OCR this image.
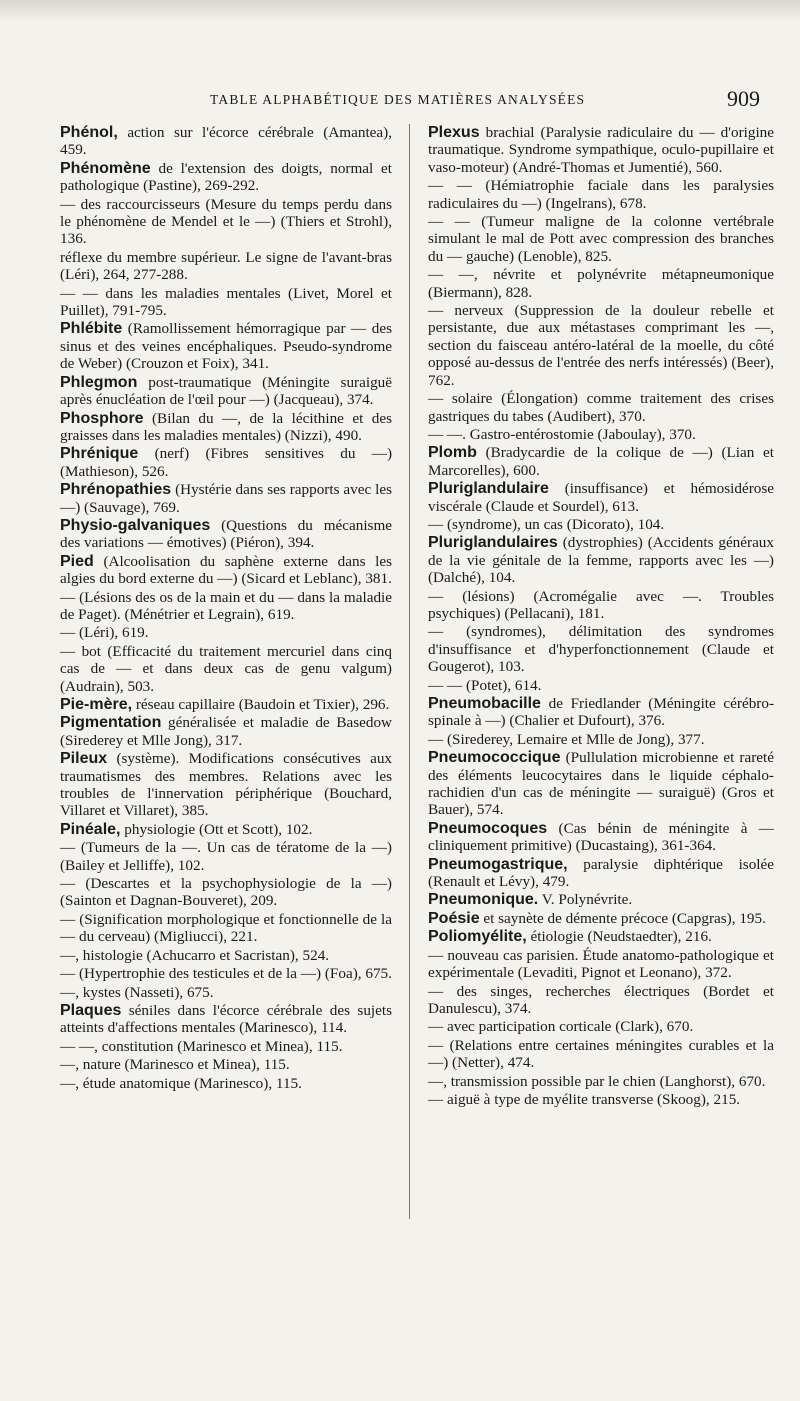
TABLE ALPHABÉTIQUE DES MATIÈRES ANALYSÉES	909

Phénol, action sur l'écorce cérébrale (Amantea), 459.

Phénomène de l'extension des doigts, normal et pathologique (Pastine), 269-292.

— des raccourcisseurs (Mesure du temps perdu dans le phénomène de Mendel et le —) (Thiers et Strohl), 136.

réflexe du membre supérieur. Le signe de l'avant-bras (Léri), 264, 277-288.

— — dans les maladies mentales (Livet, Morel et Puillet), 791-795.

Phlébite (Ramollissement hémorragique par — des sinus et des veines encéphaliques. Pseudo-syndrome de Weber) (Crouzon et Foix), 341.

Phlegmon post-traumatique (Méningite suraiguë après énucléation de l'œil pour —) (Jacqueau), 374.

Phosphore (Bilan du —, de la lécithine et des graisses dans les maladies mentales) (Nizzi), 490.

Phrénique (nerf) (Fibres sensitives du —) (Mathieson), 526.

Phrénopathies (Hystérie dans ses rapports avec les —) (Sauvage), 769.

Physio-galvaniques (Questions du mécanisme des variations — émotives) (Piéron), 394.

Pied (Alcoolisation du saphène externe dans les algies du bord externe du —) (Sicard et Leblanc), 381.

— (Lésions des os de la main et du — dans la maladie de Paget). (Ménétrier et Legrain), 619.

— (Léri), 619.

— bot (Efficacité du traitement mercuriel dans cinq cas de — et dans deux cas de genu valgum) (Audrain), 503.

Pie-mère, réseau capillaire (Baudoin et Tixier), 296.

Pigmentation généralisée et maladie de Basedow (Sirederey et Mlle Jong), 317.

Pileux (système). Modifications consécutives aux traumatismes des membres. Relations avec les troubles de l'innervation périphérique (Bouchard, Villaret et Villaret), 385.

Pinéale, physiologie (Ott et Scott), 102.

— (Tumeurs de la —. Un cas de tératome de la —) (Bailey et Jelliffe), 102.

— (Descartes et la psychophysiologie de la —) (Sainton et Dagnan-Bouveret), 209.

— (Signification morphologique et fonctionnelle de la — du cerveau) (Migliucci), 221.

—, histologie (Achucarro et Sacristan), 524.

— (Hypertrophie des testicules et de la —) (Foa), 675.

—, kystes (Nasseti), 675.

Plaques séniles dans l'écorce cérébrale des sujets atteints d'affections mentales (Marinesco), 114.

— —, constitution (Marinesco et Minea), 115.

—, nature (Marinesco et Minea), 115.

—, étude anatomique (Marinesco), 115.

Plexus brachial (Paralysie radiculaire du — d'origine traumatique. Syndrome sympathique, oculo-pupillaire et vaso-moteur) (André-Thomas et Jumentié), 560.

— — (Hémiatrophie faciale dans les paralysies radiculaires du —) (Ingelrans), 678.

— — (Tumeur maligne de la colonne vertébrale simulant le mal de Pott avec compression des branches du — gauche) (Lenoble), 825.

— —, névrite et polynévrite métapneumonique (Biermann), 828.

— nerveux (Suppression de la douleur rebelle et persistante, due aux métastases comprimant les —, section du faisceau antéro-latéral de la moelle, du côté opposé au-dessus de l'entrée des nerfs intéressés) (Beer), 762.

— solaire (Élongation) comme traitement des crises gastriques du tabes (Audibert), 370.

— —. Gastro-entérostomie (Jaboulay), 370.

Plomb (Bradycardie de la colique de —) (Lian et Marcorelles), 600.

Pluriglandulaire (insuffisance) et hémosidérose viscérale (Claude et Sourdel), 613.

— (syndrome), un cas (Dicorato), 104.

Pluriglandulaires (dystrophies) (Accidents généraux de la vie génitale de la femme, rapports avec les —) (Dalché), 104.

— (lésions) (Acromégalie avec —. Troubles psychiques) (Pellacani), 181.

— (syndromes), délimitation des syndromes d'insuffisance et d'hyperfonctionnement (Claude et Gougerot), 103.

— — (Potet), 614.

Pneumobacille de Friedlander (Méningite cérébro-spinale à —) (Chalier et Dufourt), 376.

— (Sirederey, Lemaire et Mlle de Jong), 377.

Pneumococcique (Pullulation microbienne et rareté des éléments leucocytaires dans le liquide céphalo-rachidien d'un cas de méningite — suraiguë) (Gros et Bauer), 574.

Pneumocoques (Cas bénin de méningite à — cliniquement primitive) (Ducastaing), 361-364.

Pneumogastrique, paralysie diphtérique isolée (Renault et Lévy), 479.

Pneumonique. V. Polynévrite.

Poésie et saynète de démente précoce (Capgras), 195.

Poliomyélite, étiologie (Neudstaedter), 216.

— nouveau cas parisien. Étude anatomo-pathologique et expérimentale (Levaditi, Pignot et Leonano), 372.

— des singes, recherches électriques (Bordet et Danulescu), 374.

— avec participation corticale (Clark), 670.

— (Relations entre certaines méningites curables et la —) (Netter), 474.

—, transmission possible par le chien (Langhorst), 670.

— aiguë à type de myélite transverse (Skoog), 215.
